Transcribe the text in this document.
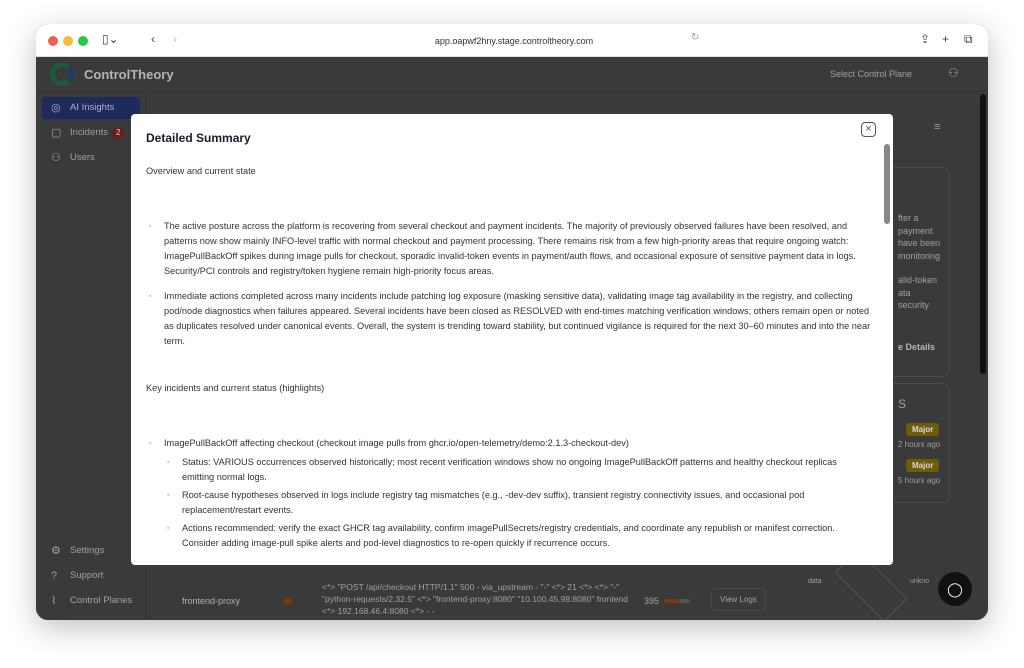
▯⌄	‹ ›	app.oapwf2hny.stage.controltheory.com	↻	⇪ + ⧉
ControlTheory	Select Control Plane	⚇
◎ AI Insights
▢ Incidents 2
⚇ Users
⚙ Settings
? Support
⌇ Control Planes
≡
fter a
payment
have been
monitoring
alid-token
ata
security
e Details
S
Major
2 hours ago
Major
5 hours ago
frontend-proxy
<*> "POST /api/checkout HTTP/1.1" 500 - via_upstream - "-" <*> 21 <*> <*> "-" "python-requests/2.32.5" <*> "frontend-proxy:8080" "10.100.45.98:8080" frontend <*> 192.168.46.4:8080 <*> - -
395	View Logs
data	unkno	◯
Detailed Summary
×
Overview and current state
▪ The active posture across the platform is recovering from several checkout and payment incidents. The majority of previously observed failures have been resolved, and patterns now show mainly INFO-level traffic with normal checkout and payment processing. There remains risk from a few high-priority areas that require ongoing watch: ImagePullBackOff spikes during image pulls for checkout, sporadic invalid-token events in payment/auth flows, and occasional exposure of sensitive payment data in logs. Security/PCI controls and registry/token hygiene remain high-priority focus areas.
▪ Immediate actions completed across many incidents include patching log exposure (masking sensitive data), validating image tag availability in the registry, and collecting pod/node diagnostics when failures appeared. Several incidents have been closed as RESOLVED with end-times matching verification windows; others remain open or noted as duplicates resolved under canonical events. Overall, the system is trending toward stability, but continued vigilance is required for the next 30–60 minutes and into the near term.
Key incidents and current status (highlights)
▪ ImagePullBackOff affecting checkout (checkout image pulls from ghcr.io/open-telemetry/demo:2.1.3-checkout-dev)
▪ Status: VARIOUS occurrences observed historically; most recent verification windows show no ongoing ImagePullBackOff patterns and healthy checkout replicas emitting normal logs.
▪ Root-cause hypotheses observed in logs include registry tag mismatches (e.g., -dev-dev suffix), transient registry connectivity issues, and occasional pod replacement/restart events.
▪ Actions recommended: verify the exact GHCR tag availability, confirm imagePullSecrets/registry credentials, and coordinate any republish or manifest correction. Consider adding image-pull spike alerts and pod-level diagnostics to re-open quickly if recurrence occurs.
